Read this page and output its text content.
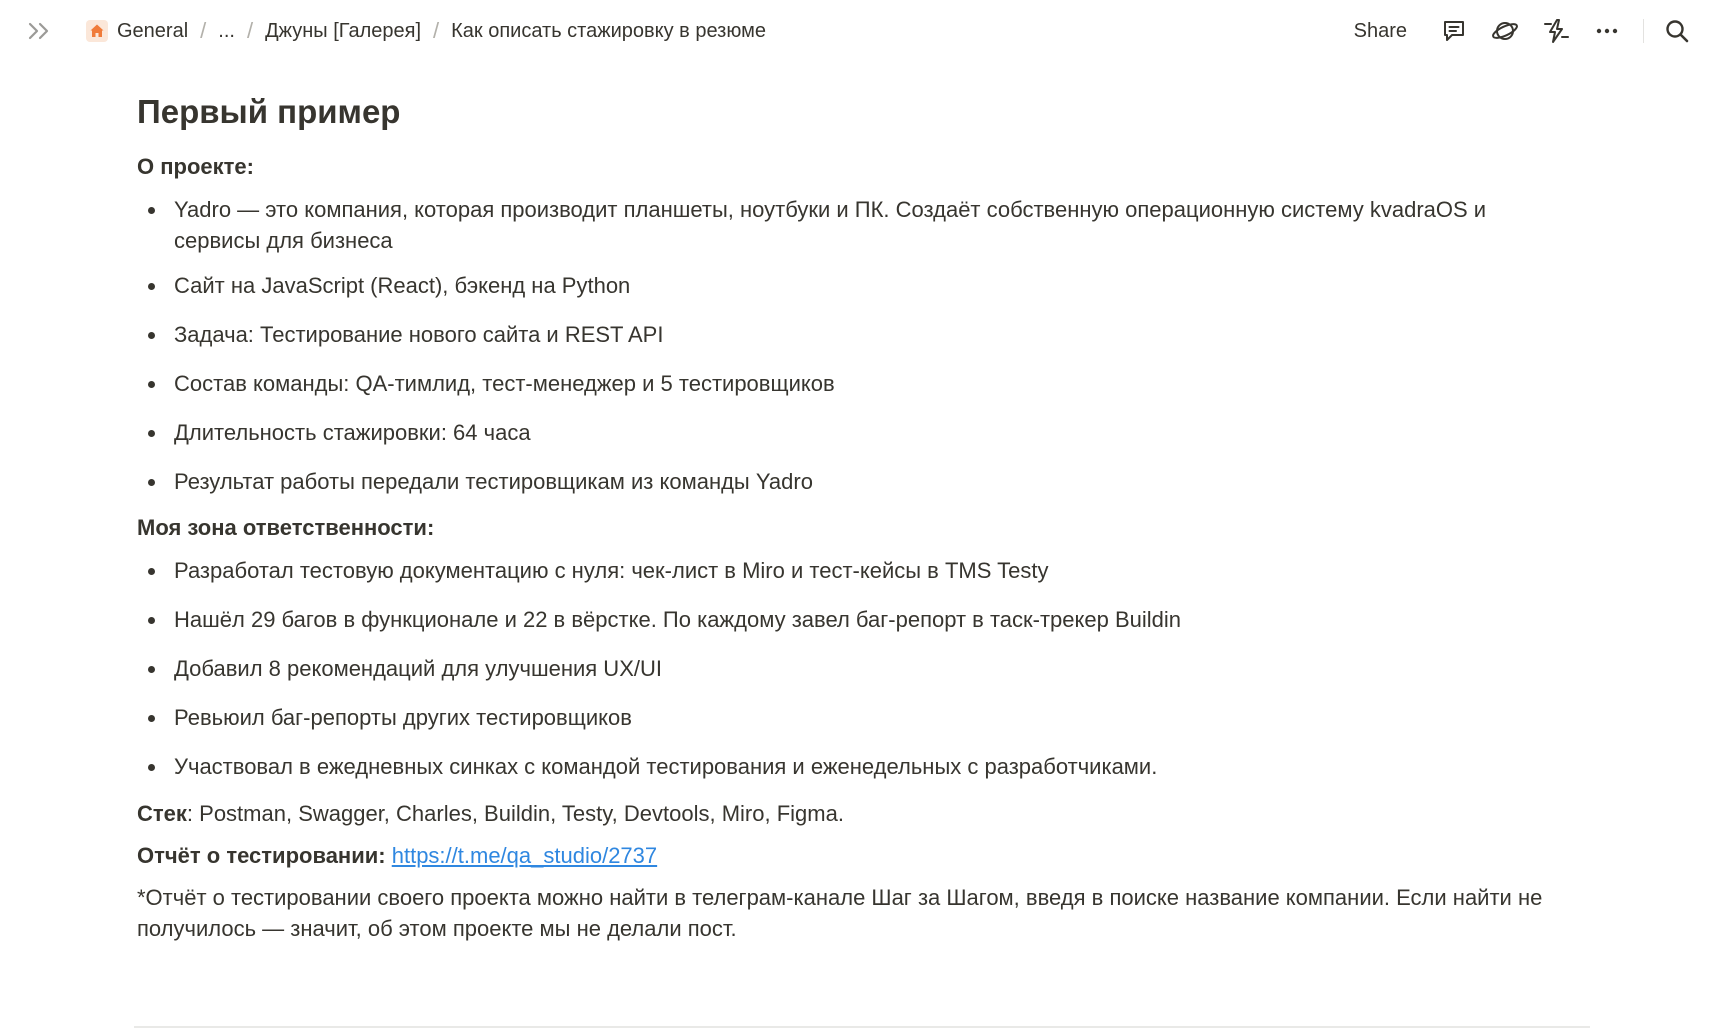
General / ... / Джуны [Галерея] / Как описать стажировку в резюме	Share
Первый пример

О проекте:

Yadro — это компания, которая производит планшеты, ноутбуки и ПК. Создаёт собственную операционную систему kvadraOS и сервисы для бизнеса
Сайт на JavaScript (React), бэкенд на Python
Задача: Тестирование нового сайта и REST API
Состав команды: QA-тимлид, тест-менеджер и 5 тестировщиков
Длительность стажировки: 64 часа
Результат работы передали тестировщикам из команды Yadro

Моя зона ответственности:

Разработал тестовую документацию с нуля: чек-лист в Miro и тест-кейсы в TMS Testy
Нашёл 29 багов в функционале и 22 в вёрстке. По каждому завел баг-репорт в таск-трекер Buildin
Добавил 8 рекомендаций для улучшения UX/UI
Ревьюил баг-репорты других тестировщиков
Участвовал в ежедневных синках с командой тестирования и еженедельных с разработчиками.

Стек: Postman, Swagger, Charles, Buildin, Testy, Devtools, Miro, Figma.

Отчёт о тестировании: https://t.me/qa_studio/2737

*Отчёт о тестировании своего проекта можно найти в телеграм-канале Шаг за Шагом, введя в поиске название компании. Если найти не получилось — значит, об этом проекте мы не делали пост.
